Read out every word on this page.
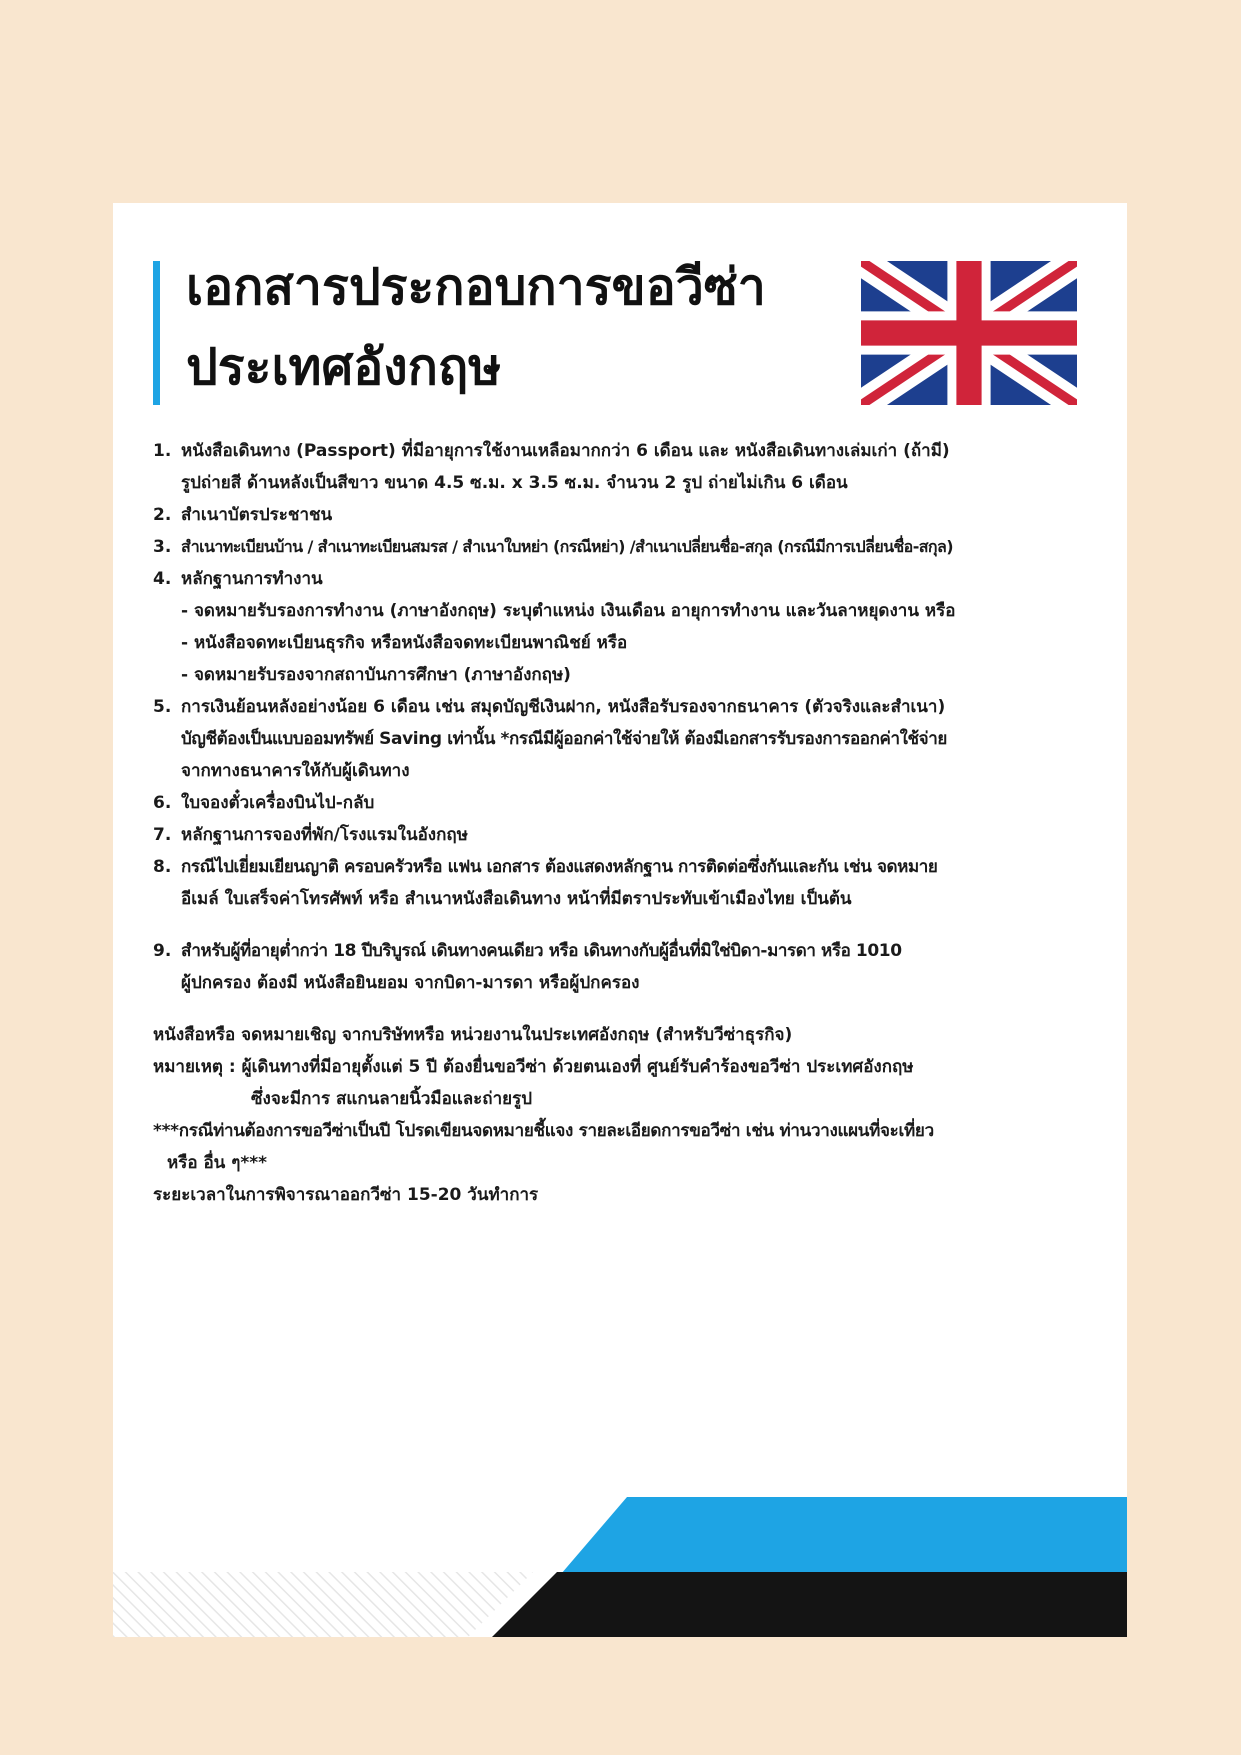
เอกสารประกอบการขอวีซ่า
ประเทศอังกฤษ
1. หนังสือเดินทาง (Passport) ที่มีอายุการใช้งานเหลือมากกว่า 6 เดือน และ หนังสือเดินทางเล่มเก่า (ถ้ามี)
รูปถ่ายสี ด้านหลังเป็นสีขาว ขนาด 4.5 ซ.ม. x 3.5 ซ.ม. จำนวน 2 รูป ถ่ายไม่เกิน 6 เดือน
2. สำเนาบัตรประชาชน
3. สำเนาทะเบียนบ้าน / สำเนาทะเบียนสมรส / สำเนาใบหย่า (กรณีหย่า) /สำเนาเปลี่ยนชื่อ-สกุล (กรณีมีการเปลี่ยนชื่อ-สกุล)
4. หลักฐานการทำงาน
- จดหมายรับรองการทำงาน (ภาษาอังกฤษ) ระบุตำแหน่ง เงินเดือน อายุการทำงาน และวันลาหยุดงาน หรือ
- หนังสือจดทะเบียนธุรกิจ หรือหนังสือจดทะเบียนพาณิชย์ หรือ
- จดหมายรับรองจากสถาบันการศึกษา (ภาษาอังกฤษ)
5. การเงินย้อนหลังอย่างน้อย 6 เดือน เช่น สมุดบัญชีเงินฝาก, หนังสือรับรองจากธนาคาร (ตัวจริงและสำเนา)
บัญชีต้องเป็นแบบออมทรัพย์ Saving เท่านั้น *กรณีมีผู้ออกค่าใช้จ่ายให้ ต้องมีเอกสารรับรองการออกค่าใช้จ่าย
จากทางธนาคารให้กับผู้เดินทาง
6. ใบจองตั๋วเครื่องบินไป-กลับ
7. หลักฐานการจองที่พัก/โรงแรมในอังกฤษ
8. กรณีไปเยี่ยมเยียนญาติ ครอบครัวหรือ แฟน เอกสาร ต้องแสดงหลักฐาน การติดต่อซึ่งกันและกัน เช่น จดหมาย
อีเมล์ ใบเสร็จค่าโทรศัพท์ หรือ สำเนาหนังสือเดินทาง หน้าที่มีตราประทับเข้าเมืองไทย เป็นต้น
9. สำหรับผู้ที่อายุต่ำกว่า 18 ปีบริบูรณ์ เดินทางคนเดียว หรือ เดินทางกับผู้อื่นที่มิใช่บิดา-มารดา หรือ 1010
ผู้ปกครอง ต้องมี หนังสือยินยอม จากบิดา-มารดา หรือผู้ปกครอง
หนังสือหรือ จดหมายเชิญ จากบริษัทหรือ หน่วยงานในประเทศอังกฤษ (สำหรับวีซ่าธุรกิจ)
หมายเหตุ : ผู้เดินทางที่มีอายุตั้งแต่ 5 ปี ต้องยื่นขอวีซ่า ด้วยตนเองที่ ศูนย์รับคำร้องขอวีซ่า ประเทศอังกฤษ
ซึ่งจะมีการ สแกนลายนิ้วมือและถ่ายรูป
***กรณีท่านต้องการขอวีซ่าเป็นปี โปรดเขียนจดหมายชี้แจง รายละเอียดการขอวีซ่า เช่น ท่านวางแผนที่จะเที่ยว
หรือ อื่น ๆ***
ระยะเวลาในการพิจารณาออกวีซ่า 15-20 วันทำการ
